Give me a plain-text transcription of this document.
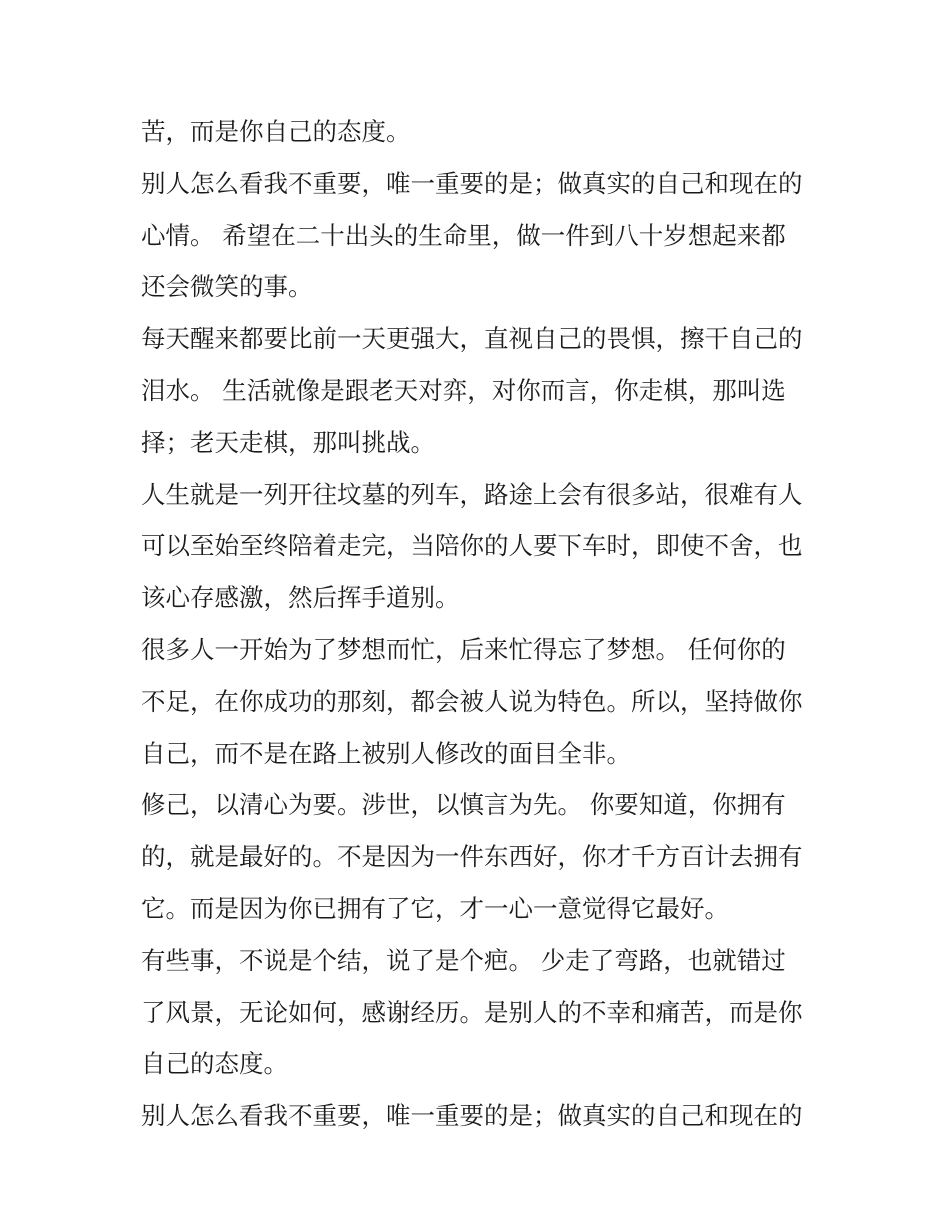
苦，而是你自己的态度。
别人怎么看我不重要，唯一重要的是；做真实的自己和现在的
心情。 希望在二十出头的生命里，做一件到八十岁想起来都
还会微笑的事。
每天醒来都要比前一天更强大，直视自己的畏惧，擦干自己的
泪水。 生活就像是跟老天对弈，对你而言，你走棋，那叫选
择；老天走棋，那叫挑战。
人生就是一列开往坟墓的列车，路途上会有很多站，很难有人
可以至始至终陪着走完，当陪你的人要下车时，即使不舍，也
该心存感激，然后挥手道别。
很多人一开始为了梦想而忙，后来忙得忘了梦想。 任何你的
不足，在你成功的那刻，都会被人说为特色。所以，坚持做你
自己，而不是在路上被别人修改的面目全非。
修己，以清心为要。涉世，以慎言为先。 你要知道，你拥有
的，就是最好的。不是因为一件东西好，你才千方百计去拥有
它。而是因为你已拥有了它，才一心一意觉得它最好。
有些事，不说是个结，说了是个疤。 少走了弯路，也就错过
了风景，无论如何，感谢经历。是别人的不幸和痛苦，而是你
自己的态度。
别人怎么看我不重要，唯一重要的是；做真实的自己和现在的
